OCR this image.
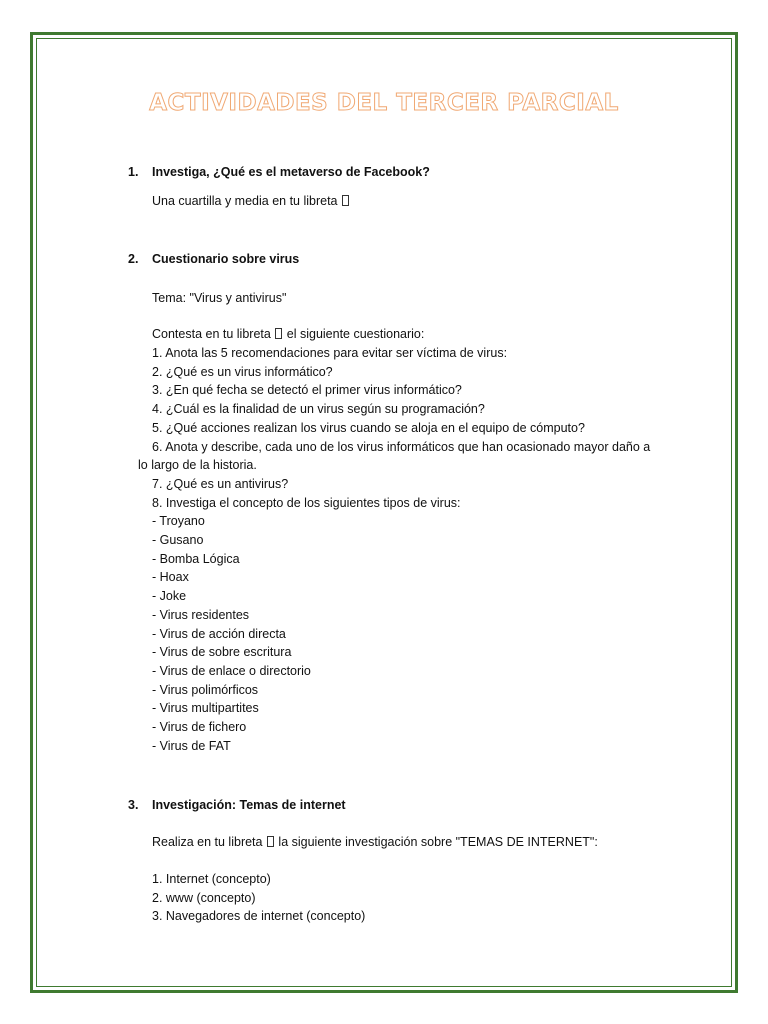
ACTIVIDADES DEL TERCER PARCIAL
1. Investiga, ¿Qué es el metaverso de Facebook?
Una cuartilla y media en tu libreta
2. Cuestionario sobre virus
Tema: "Virus y antivirus"
Contesta en tu libreta  el siguiente cuestionario:
1. Anota las 5 recomendaciones para evitar ser víctima de virus:
2. ¿Qué es un virus informático?
3. ¿En qué fecha se detectó el primer virus informático?
4. ¿Cuál es la finalidad de un virus según su programación?
5. ¿Qué acciones realizan los virus cuando se aloja en el equipo de cómputo?
6. Anota y describe, cada uno de los virus informáticos que han ocasionado mayor daño a
lo largo de la historia.
7. ¿Qué es un antivirus?
8. Investiga el concepto de los siguientes tipos de virus:
- Troyano
- Gusano
- Bomba Lógica
- Hoax
- Joke
- Virus residentes
- Virus de acción directa
- Virus de sobre escritura
- Virus de enlace o directorio
- Virus polimórficos
- Virus multipartites
- Virus de fichero
- Virus de FAT
3. Investigación: Temas de internet
Realiza en tu libreta  la siguiente investigación sobre "TEMAS DE INTERNET":
1. Internet (concepto)
2. www (concepto)
3. Navegadores de internet (concepto)
